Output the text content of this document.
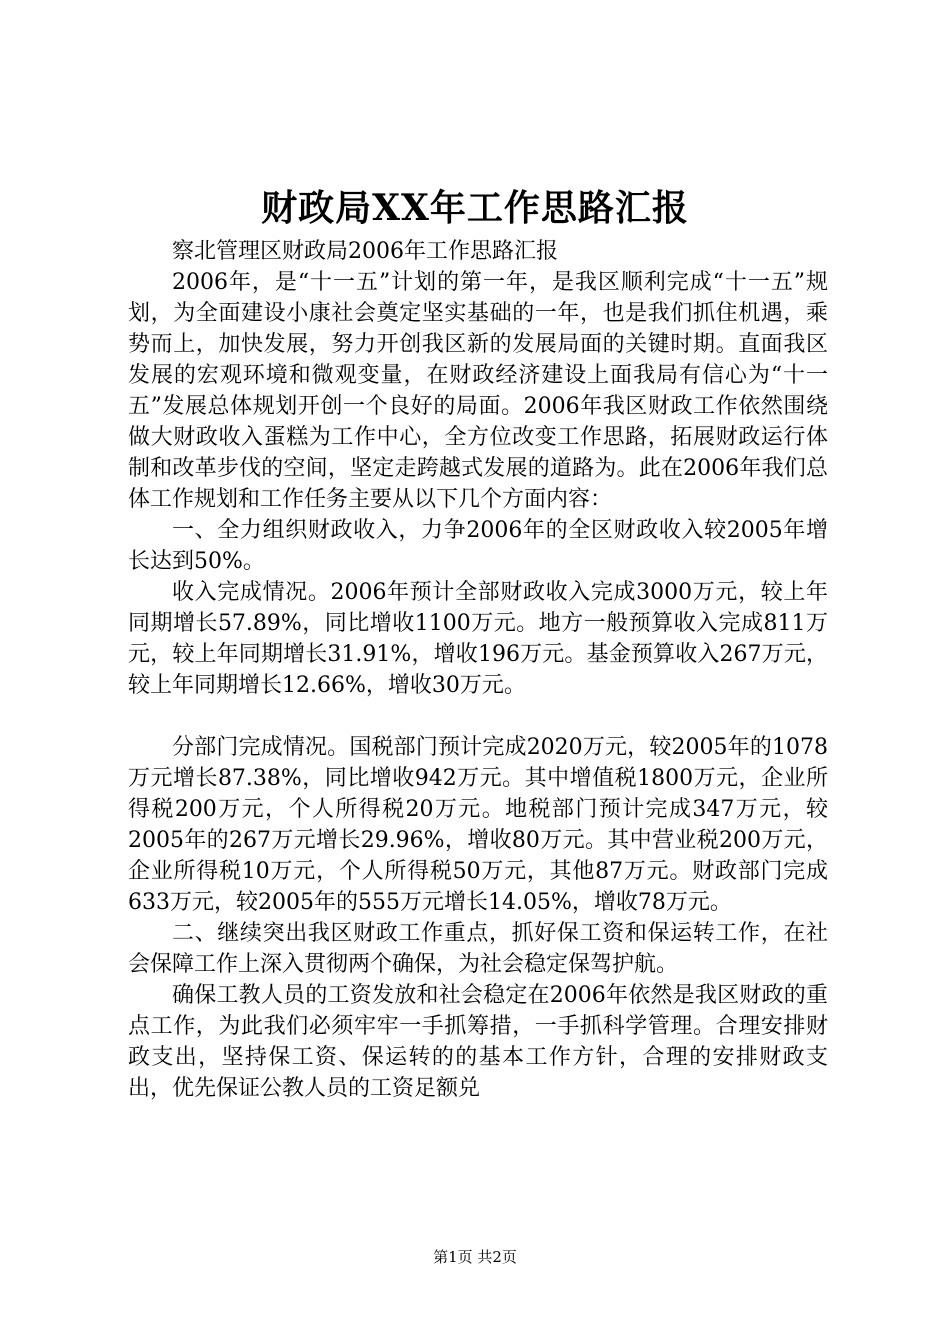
财政局XX年工作思路汇报

察北管理区财政局2006年工作思路汇报

2006年，是“十一五”计划的第一年，是我区顺利完成“十一五”规划，为全面建设小康社会奠定坚实基础的一年，也是我们抓住机遇，乘势而上，加快发展，努力开创我区新的发展局面的关键时期。直面我区发展的宏观环境和微观变量，在财政经济建设上面我局有信心为“十一五”发展总体规划开创一个良好的局面。2006年我区财政工作依然围绕做大财政收入蛋糕为工作中心，全方位改变工作思路，拓展财政运行体制和改革步伐的空间，坚定走跨越式发展的道路为。此在2006年我们总体工作规划和工作任务主要从以下几个方面内容：

一、全力组织财政收入，力争2006年的全区财政收入较2005年增长达到50%。

收入完成情况。2006年预计全部财政收入完成3000万元，较上年同期增长57.89%，同比增收1100万元。地方一般预算收入完成811万元，较上年同期增长31.91%，增收196万元。基金预算收入267万元，较上年同期增长12.66%，增收30万元。

分部门完成情况。国税部门预计完成2020万元，较2005年的1078万元增长87.38%，同比增收942万元。其中增值税1800万元，企业所得税200万元，个人所得税20万元。地税部门预计完成347万元，较2005年的267万元增长29.96%，增收80万元。其中营业税200万元，企业所得税10万元，个人所得税50万元，其他87万元。财政部门完成633万元，较2005年的555万元增长14.05%，增收78万元。

二、继续突出我区财政工作重点，抓好保工资和保运转工作，在社会保障工作上深入贯彻两个确保，为社会稳定保驾护航。

确保工教人员的工资发放和社会稳定在2006年依然是我区财政的重点工作，为此我们必须牢牢一手抓筹措，一手抓科学管理。合理安排财政支出，坚持保工资、保运转的的基本工作方针，合理的安排财政支出，优先保证公教人员的工资足额兑

第1页 共2页
